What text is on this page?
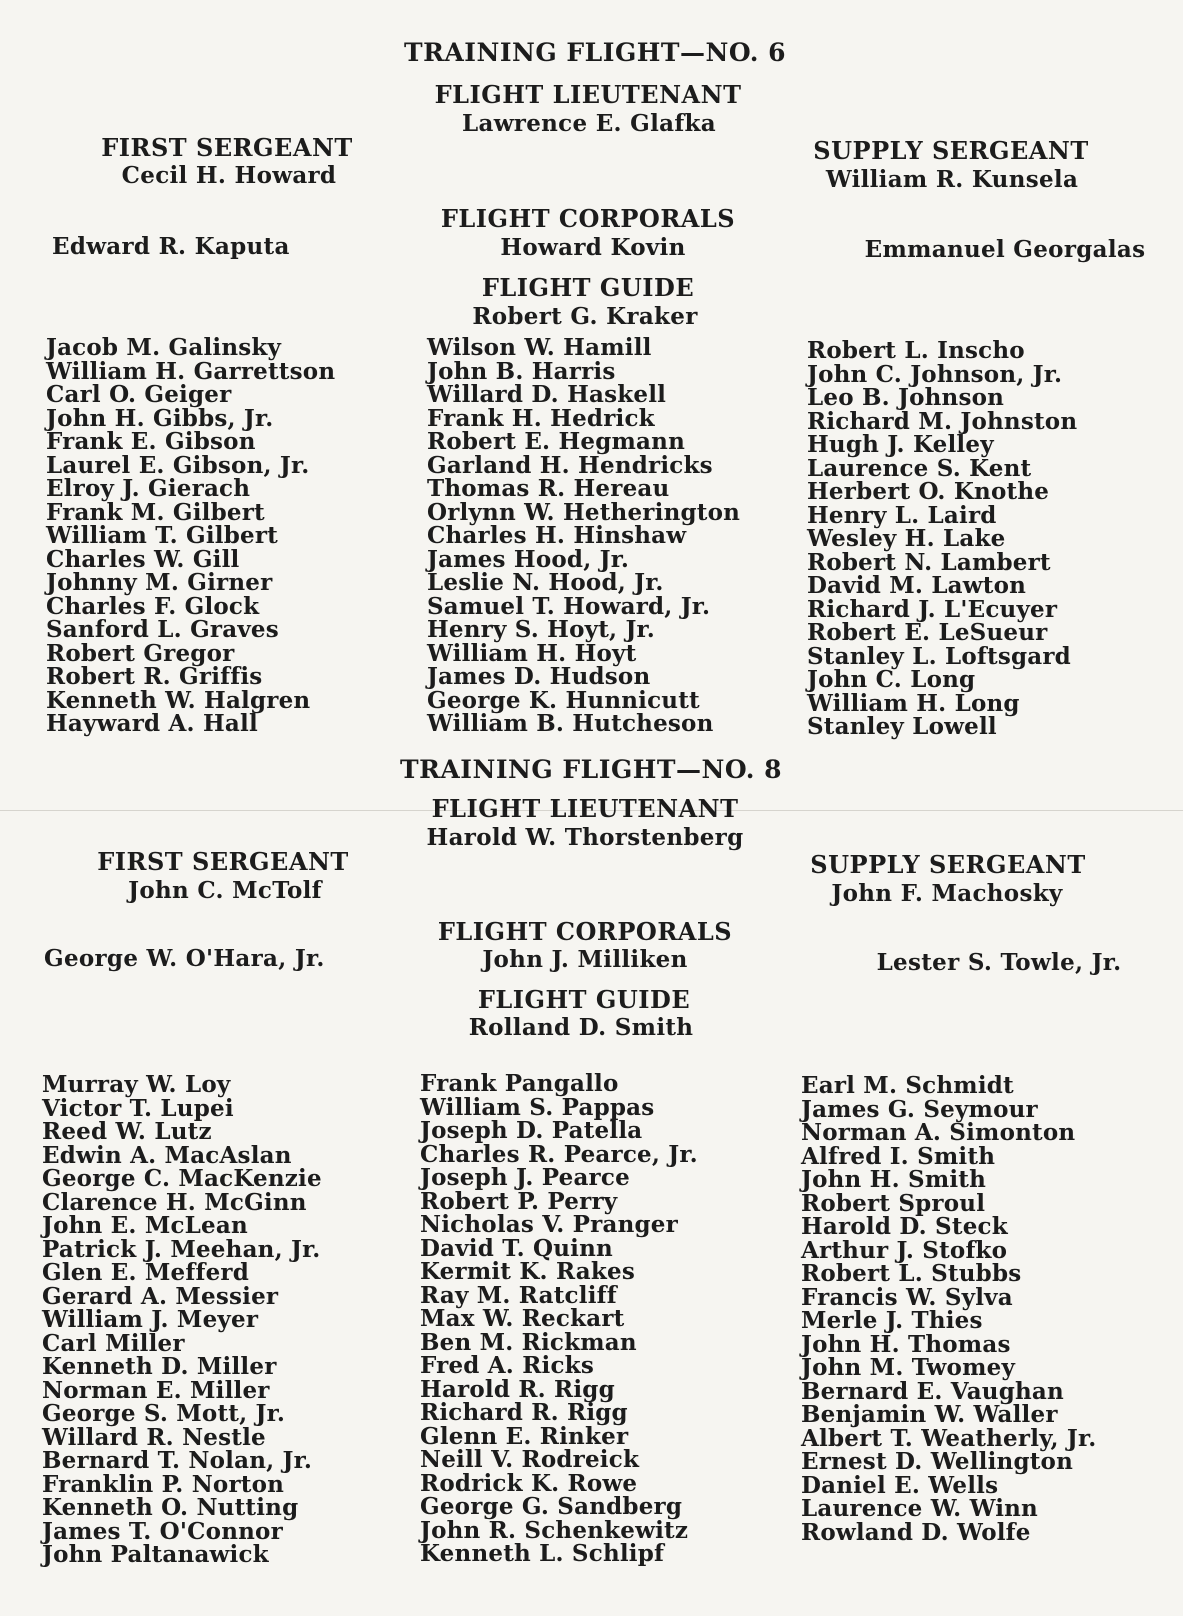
TRAINING FLIGHT—NO. 6
FLIGHT LIEUTENANT
Lawrence E. Glafka
FIRST SERGEANT
Cecil H. Howard
SUPPLY SERGEANT
William R. Kunsela
FLIGHT CORPORALS
Edward R. Kaputa	Howard Kovin	Emmanuel Georgalas
FLIGHT GUIDE
Robert G. Kraker
Jacob M. Galinsky
William H. Garrettson
Carl O. Geiger
John H. Gibbs, Jr.
Frank E. Gibson
Laurel E. Gibson, Jr.
Elroy J. Gierach
Frank M. Gilbert
William T. Gilbert
Charles W. Gill
Johnny M. Girner
Charles F. Glock
Sanford L. Graves
Robert Gregor
Robert R. Griffis
Kenneth W. Halgren
Hayward A. Hall
Wilson W. Hamill
John B. Harris
Willard D. Haskell
Frank H. Hedrick
Robert E. Hegmann
Garland H. Hendricks
Thomas R. Hereau
Orlynn W. Hetherington
Charles H. Hinshaw
James Hood, Jr.
Leslie N. Hood, Jr.
Samuel T. Howard, Jr.
Henry S. Hoyt, Jr.
William H. Hoyt
James D. Hudson
George K. Hunnicutt
William B. Hutcheson
Robert L. Inscho
John C. Johnson, Jr.
Leo B. Johnson
Richard M. Johnston
Hugh J. Kelley
Laurence S. Kent
Herbert O. Knothe
Henry L. Laird
Wesley H. Lake
Robert N. Lambert
David M. Lawton
Richard J. L'Ecuyer
Robert E. LeSueur
Stanley L. Loftsgard
John C. Long
William H. Long
Stanley Lowell
TRAINING FLIGHT—NO. 8
FLIGHT LIEUTENANT
Harold W. Thorstenberg
FIRST SERGEANT
John C. McTolf
SUPPLY SERGEANT
John F. Machosky
FLIGHT CORPORALS
George W. O'Hara, Jr.	John J. Milliken	Lester S. Towle, Jr.
FLIGHT GUIDE
Rolland D. Smith
Murray W. Loy
Victor T. Lupei
Reed W. Lutz
Edwin A. MacAslan
George C. MacKenzie
Clarence H. McGinn
John E. McLean
Patrick J. Meehan, Jr.
Glen E. Mefferd
Gerard A. Messier
William J. Meyer
Carl Miller
Kenneth D. Miller
Norman E. Miller
George S. Mott, Jr.
Willard R. Nestle
Bernard T. Nolan, Jr.
Franklin P. Norton
Kenneth O. Nutting
James T. O'Connor
John Paltanawick
Frank Pangallo
William S. Pappas
Joseph D. Patella
Charles R. Pearce, Jr.
Joseph J. Pearce
Robert P. Perry
Nicholas V. Pranger
David T. Quinn
Kermit K. Rakes
Ray M. Ratcliff
Max W. Reckart
Ben M. Rickman
Fred A. Ricks
Harold R. Rigg
Richard R. Rigg
Glenn E. Rinker
Neill V. Rodreick
Rodrick K. Rowe
George G. Sandberg
John R. Schenkewitz
Kenneth L. Schlipf
Earl M. Schmidt
James G. Seymour
Norman A. Simonton
Alfred I. Smith
John H. Smith
Robert Sproul
Harold D. Steck
Arthur J. Stofko
Robert L. Stubbs
Francis W. Sylva
Merle J. Thies
John H. Thomas
John M. Twomey
Bernard E. Vaughan
Benjamin W. Waller
Albert T. Weatherly, Jr.
Ernest D. Wellington
Daniel E. Wells
Laurence W. Winn
Rowland D. Wolfe
